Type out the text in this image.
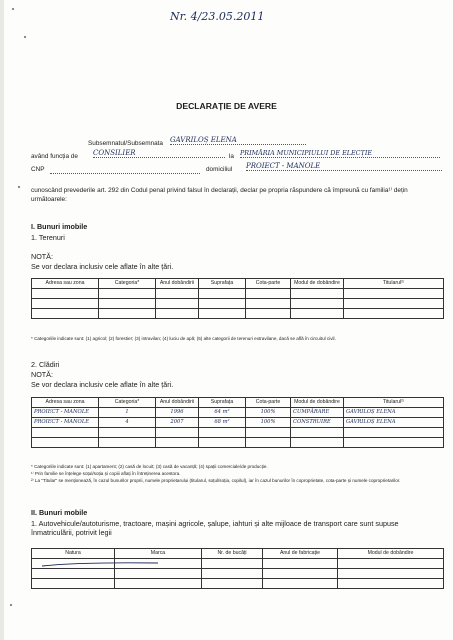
Nr. 4/23.05.2011
DECLARAȚIE DE AVERE
Subsemnatul/Subsemnata GAVRILOȘ ELENA
având funcția de CONSILIER	la PRIMĂRIA MUNICIPIULUI DE ELECȚIE
CNP	domiciliul PROIECT - MANOLE
cunoscând prevederile art. 292 din Codul penal privind falsul în declarații, declar pe propria răspundere că împreună cu familia¹⁾ dețin următoarele:
I. Bunuri imobile
1. Terenuri
NOTĂ:
Se vor declara inclusiv cele aflate în alte țări.
Adresa sau zona	Categoria*	Anul dobândirii	Suprafața	Cota-parte	Modul de dobândire	Titularul²⁾

* Categoriile indicate sunt: (1) agricol; (2) forestier; (3) intravilan; (4) luciu de apă; (5) alte categorii de terenuri extravilane, dacă se află în circuitul civil.
2. Clădiri
NOTĂ:
Se vor declara inclusiv cele aflate în alte țări.
Adresa sau zona	Categoria*	Anul dobândirii	Suprafața	Cota-parte	Modul de dobândire	Titularul²⁾
PROIECT - MANOLE	1	1996	64 m²	100%	CUMPĂRARE	GAVRILOȘ ELENA
PROIECT - MANOLE	4	2007	68 m²	100%	CONSTRUIRE	GAVRILOȘ ELENA

* Categoriile indicate sunt: (1) apartament; (2) casă de locuit; (3) casă de vacanță; (4) spații comerciale/de producție.
¹⁾ Prin familie se înțelege soțul/soția și copiii aflați în întreținerea acestora.
²⁾ La "Titular" se menționează, în cazul bunurilor proprii, numele proprietarului (titularul, soțul/soția, copilul), iar în cazul bunurilor în coproprietate, cota-parte și numele coproprietarilor.
II. Bunuri mobile
1. Autovehicule/autoturisme, tractoare, mașini agricole, șalupe, iahturi și alte mijloace de transport care sunt supuse înmatriculării, potrivit legii
Natura	Marca	Nr. de bucăți	Anul de fabricație	Modul de dobândire
